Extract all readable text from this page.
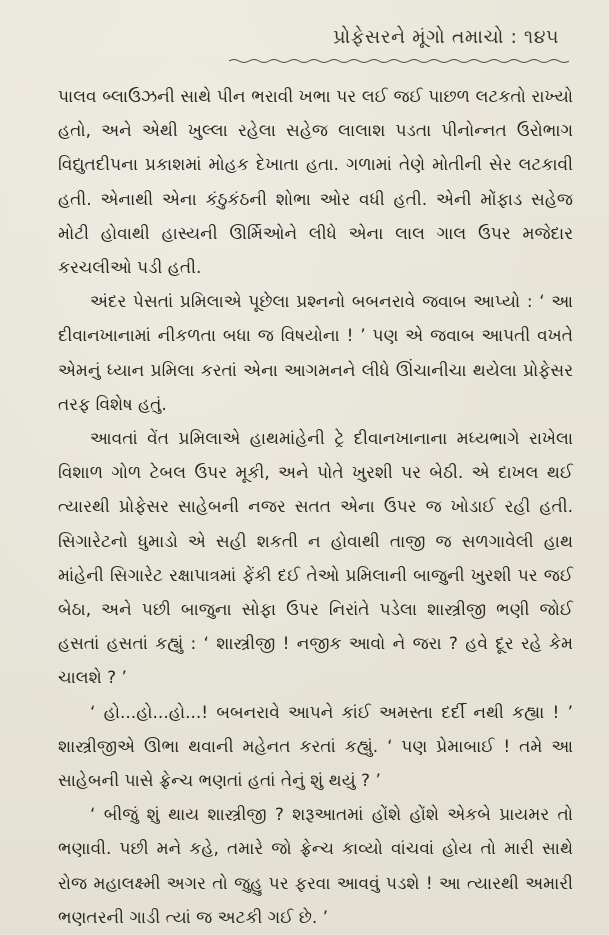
પ્રોફેસરને મૂંગો તમાચો : ૧૪૫

પાલવ બ્લાઉઝની સાથે પીન ભરાવી ખભા પર લઈ જઈ પાછળ લટકતો રાખ્યો હતો, અને એથી ખુલ્લા રહેલા સહેજ લાલાશ પડતા પીનોન્નત ઉરોભાગ વિદ્યુતદીપના પ્રકાશમાં મોહક દેખાતા હતા. ગળામાં તેણે મોતીની સેર લટકાવી હતી. એનાથી એના કંઠુકંઠની શોભા ઓર વધી હતી. એની મોંફાડ સહેજ મોટી હોવાથી હાસ્યની ઊર્મિઓને લીધે એના લાલ ગાલ ઉપર મજેદાર કરચલીઓ પડી હતી.

અંદર પેસતાં પ્રમિલાએ પૂછેલા પ્રશ્નનો બબનરાવે જવાબ આપ્યો : ‘ આ દીવાનખાનામાં નીકળતા બધા જ વિષયોના ! ’ પણ એ જવાબ આપતી વખતે એમનું ધ્યાન પ્રમિલા કરતાં એના આગમનને લીધે ઊંચાનીચા થયેલા પ્રોફેસર તરફ વિશેષ હતું.

આવતાં વેંત પ્રમિલાએ હાથમાંહેની ટ્રે દીવાનખાનાના મધ્યભાગે રાખેલા વિશાળ ગોળ ટેબલ ઉપર મૂકી, અને પોતે ખુરશી પર બેઠી. એ દાખલ થઈ ત્યારથી પ્રોફેસર સાહેબની નજર સતત એના ઉપર જ ખોડાઈ રહી હતી. સિગારેટનો ધુમાડો એ સહી શકતી ન હોવાથી તાજી જ સળગાવેલી હાથ માંહેની સિગારેટ રક્ષાપાત્રમાં ફેંકી દઈ તેઓ પ્રમિલાની બાજુની ખુરશી પર જઈ બેઠા, અને પછી બાજુના સોફા ઉપર નિરાંતે પડેલા શાસ્ત્રીજી ભણી જોઈ હસતાં હસતાં કહ્યું : ‘ શાસ્ત્રીજી ! નજીક આવો ને જરા ? હવે દૂર રહે કેમ ચાલશે ? ’

‘ હો...હો...હો...! બબનરાવે આપને કાંઈ અમસ્તા દર્દી નથી કહ્યા ! ’ શાસ્ત્રીજીએ ઊભા થવાની મહેનત કરતાં કહ્યું. ‘ પણ પ્રેમાબાઈ ! તમે આ સાહેબની પાસે ફ્રેન્ચ ભણતાં હતાં તેનું શું થયું ? ’

‘ બીજું શું થાય શાસ્ત્રીજી ? શરૂઆતમાં હોંશે હોંશે એકબે પ્રાયમર તો ભણાવી. પછી મને કહે, તમારે જો ફ્રેન્ચ કાવ્યો વાંચવાં હોય તો મારી સાથે રોજ મહાલક્ષ્મી અગર તો જુહુ પર ફરવા આવવું પડશે ! આ ત્યારથી અમારી ભણતરની ગાડી ત્યાં જ અટકી ગઈ છે. ’
